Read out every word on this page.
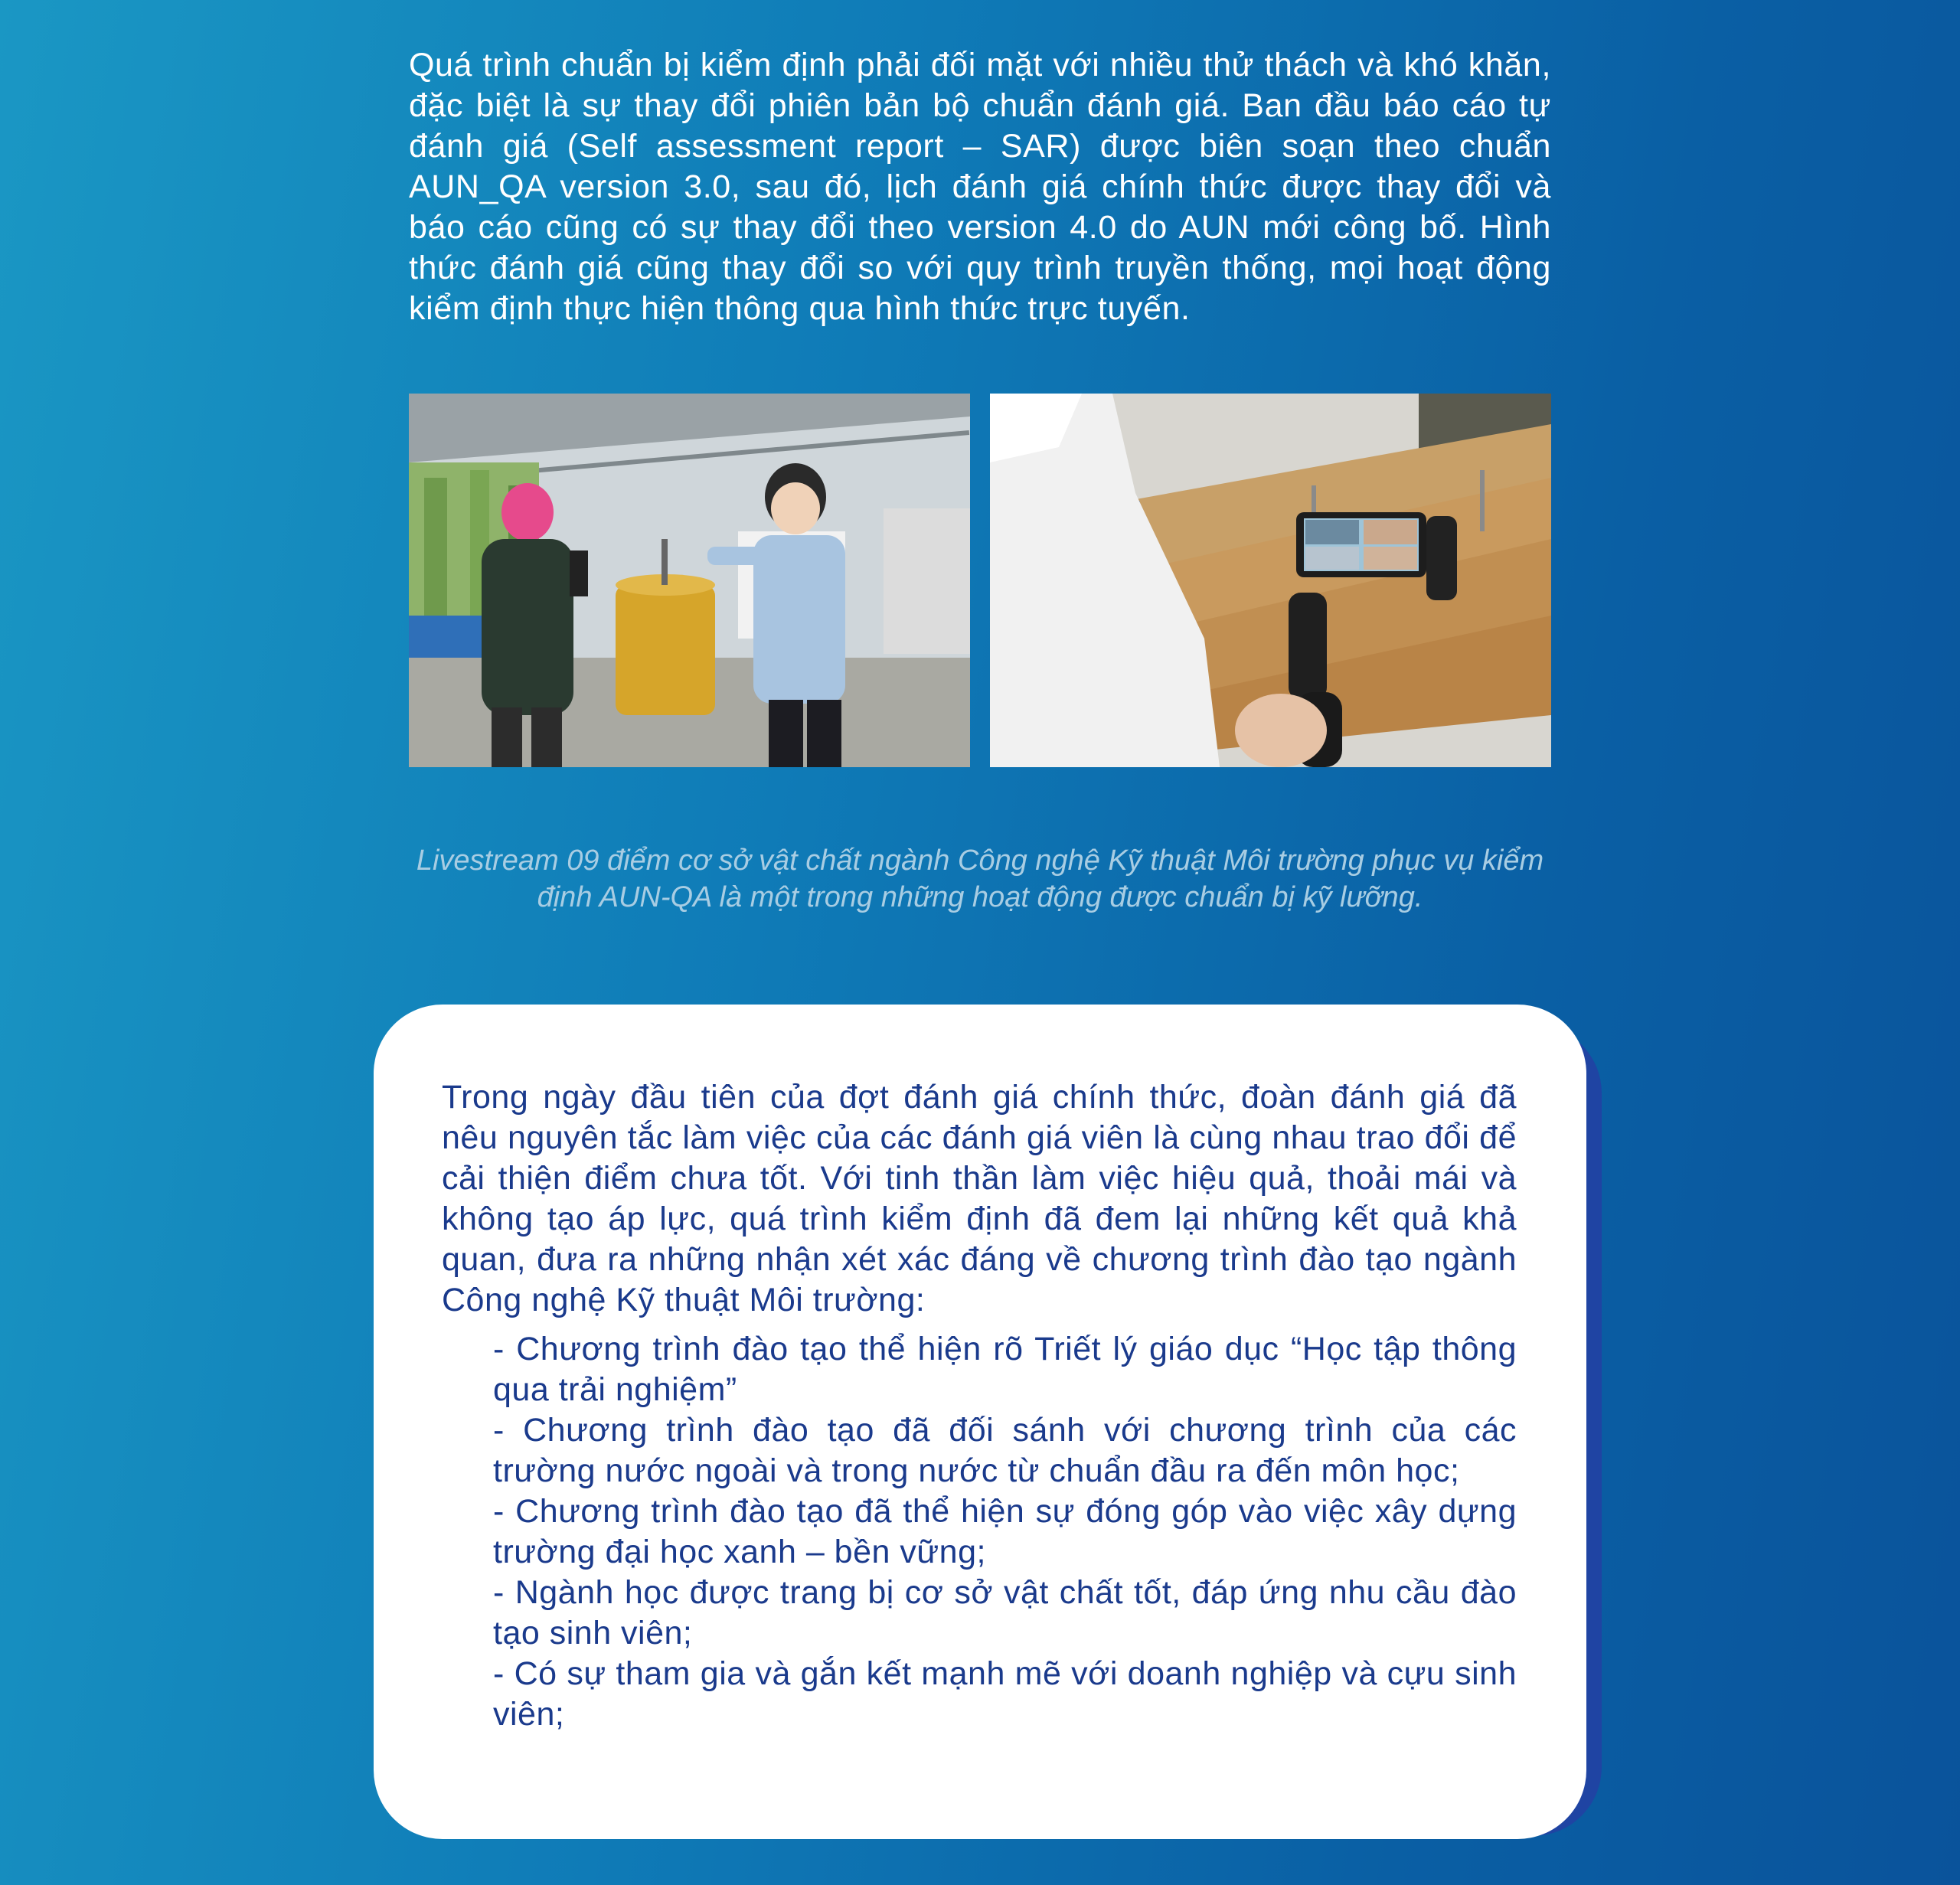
Quá trình chuẩn bị kiểm định phải đối mặt với nhiều thử thách và khó khăn, đặc biệt là sự thay đổi phiên bản bộ chuẩn đánh giá. Ban đầu báo cáo tự đánh giá (Self assessment report – SAR) được biên soạn theo chuẩn AUN_QA version 3.0, sau đó, lịch đánh giá chính thức được thay đổi và báo cáo cũng có sự thay đổi theo version 4.0 do AUN mới công bố. Hình thức đánh giá cũng thay đổi so với quy trình truyền thống, mọi hoạt động kiểm định thực hiện thông qua hình thức trực tuyến.

Livestream 09 điểm cơ sở vật chất ngành Công nghệ Kỹ thuật Môi trường phục vụ kiểm định AUN-QA là một trong những hoạt động được chuẩn bị kỹ lưỡng.

Trong ngày đầu tiên của đợt đánh giá chính thức, đoàn đánh giá đã nêu nguyên tắc làm việc của các đánh giá viên là cùng nhau trao đổi để cải thiện điểm chưa tốt. Với tinh thần làm việc hiệu quả, thoải mái và không tạo áp lực, quá trình kiểm định đã đem lại những kết quả khả quan, đưa ra những nhận xét xác đáng về chương trình đào tạo ngành Công nghệ Kỹ thuật Môi trường:

- Chương trình đào tạo thể hiện rõ Triết lý giáo dục “Học tập thông qua trải nghiệm”
- Chương trình đào tạo đã đối sánh với chương trình của các trường nước ngoài và trong nước từ chuẩn đầu ra đến môn học;
- Chương trình đào tạo đã thể hiện sự đóng góp vào việc xây dựng trường đại học xanh – bền vững;
- Ngành học được trang bị cơ sở vật chất tốt, đáp ứng nhu cầu đào tạo sinh viên;
- Có sự tham gia và gắn kết mạnh mẽ với doanh nghiệp và cựu sinh viên;
